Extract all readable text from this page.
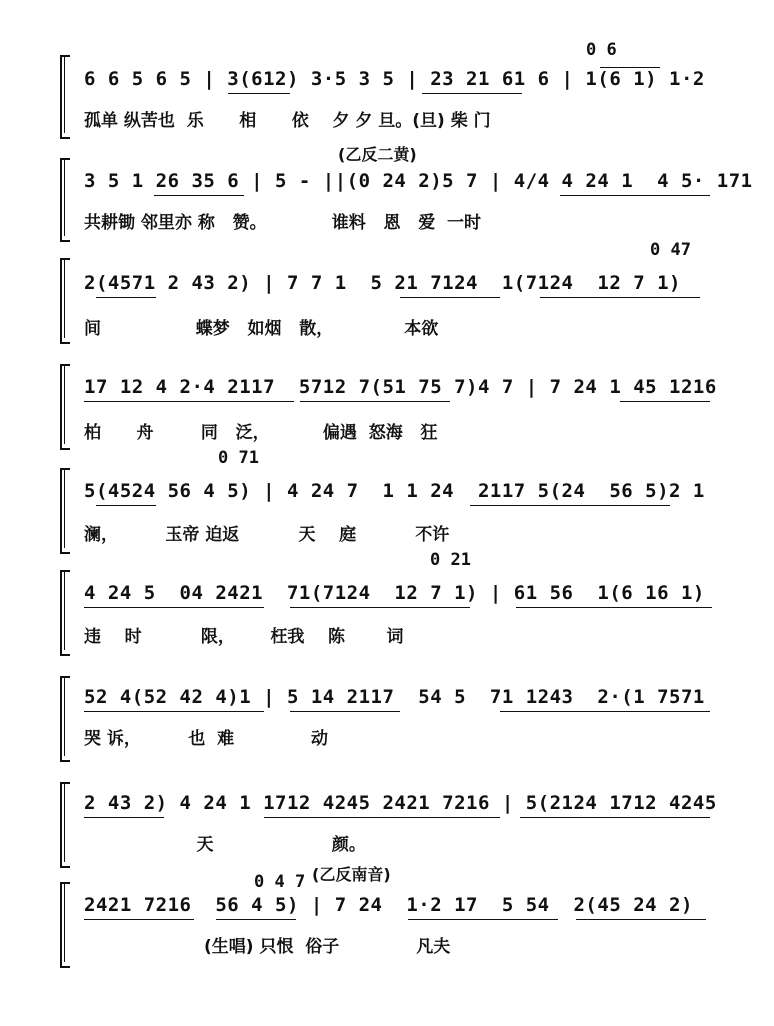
0 6
6 6 5 6 5 | 3(612) 3·5 3 5 | 23 21 61 6 | 1(6 1) 1·2
孤单 纵苦也  乐      相      依    夕 夕 旦。(旦) 柴 门
(乙反二黄)
3 5 1 26 35 6 | 5 - ||(0 24 2)5 7 | 4/4 4 24 1  4 5· 171
共耕锄 邻里亦 称   赞。           谁料   恩   爱  一时
0 47
2(4571 2 43 2) | 7 7 1  5 21 7124  1(7124  12 7 1)
间                蝶梦   如烟   散，            本欲
17 12 4 2·4 2117  5712 7(51 75 7)4 7 | 7 24 1 45 1216
柏      舟        同   泛，         偏遇  怒海   狂
0 71
5(4524 56 4 5) | 4 24 7  1 1 24  2117 5(24  56 5)2 1
澜，        玉帝 迫返          天    庭          不许
0 21
4 24 5  04 2421  71(7124  12 7 1) | 61 56  1(6 16 1)
违    时          限，      枉我    陈       词
52 4(52 42 4)1 | 5 14 2117  54 5  71 1243  2·(1 7571
哭 诉，        也  难             动
2 43 2) 4 24 1 1712 4245 2421 7216 | 5(2124 1712 4245
天                    颜。
(乙反南音)
0 4 7
2421 7216  56 4 5) | 7 24  1·2 17  5 54  2(45 24 2)
(生唱) 只恨  俗子             凡夫
